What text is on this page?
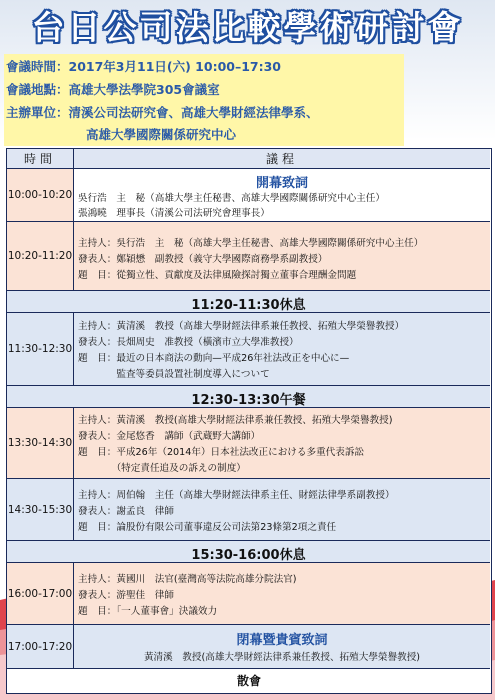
台日公司法比較學術研討會
會議時間：2017年3月11日(六) 10:00–17:30
會議地點：高雄大學法學院305會議室
主辦單位：清溪公司法研究會、高雄大學財經法律學系、
高雄大學國際關係研究中心
時間	議程
10:00-10:20
開幕致詞
吳行浩　主　秘（高雄大學主任秘書、高雄大學國際關係研究中心主任）
張鴻曉　理事長（清溪公司法研究會理事長）
10:20-11:20
主持人：吳行浩　主　秘（高雄大學主任秘書、高雄大學國際關係研究中心主任）
發表人：鄭穎懋　副教授（義守大學國際商務學系副教授）
題　目：從獨立性、貢獻度及法律風險探討獨立董事合理酬金問題
11:20-11:30休息
11:30-12:30
主持人：黃清溪　教授（高雄大學財經法律系兼任教授、拓殖大學榮譽教授）
發表人：長畑周史　准教授（橫濱市立大學准教授）
題　目：最近の日本商法の動向—平成26年社法改正を中心に—
　　　　監査等委員設置社制度導入について
12:30-13:30午餐
13:30-14:30
主持人：黃清溪　教授(高雄大學財經法律系兼任教授、拓殖大學榮譽教授)
發表人：金尾悠香　講師（武蔵野大講師）
題　目：平成26年（2014年）日本社法改正における多重代表訴訟
　　　　（特定責任追及の訴えの制度）
14:30-15:30
主持人：周伯翰　主任（高雄大學財經法律系主任、財經法律學系副教授）
發表人：謝孟良　律師
題　目：論股份有限公司董事違反公司法第23條第2項之責任
15:30-16:00休息
16:00-17:00
主持人：黃國川　法官(臺灣高等法院高雄分院法官)
發表人：游聖佳　律師
題　目：「一人董事會」決議效力
17:00-17:20	閉幕暨貴賓致詞
黃清溪　教授(高雄大學財經法律系兼任教授、拓殖大學榮譽教授)
散會
